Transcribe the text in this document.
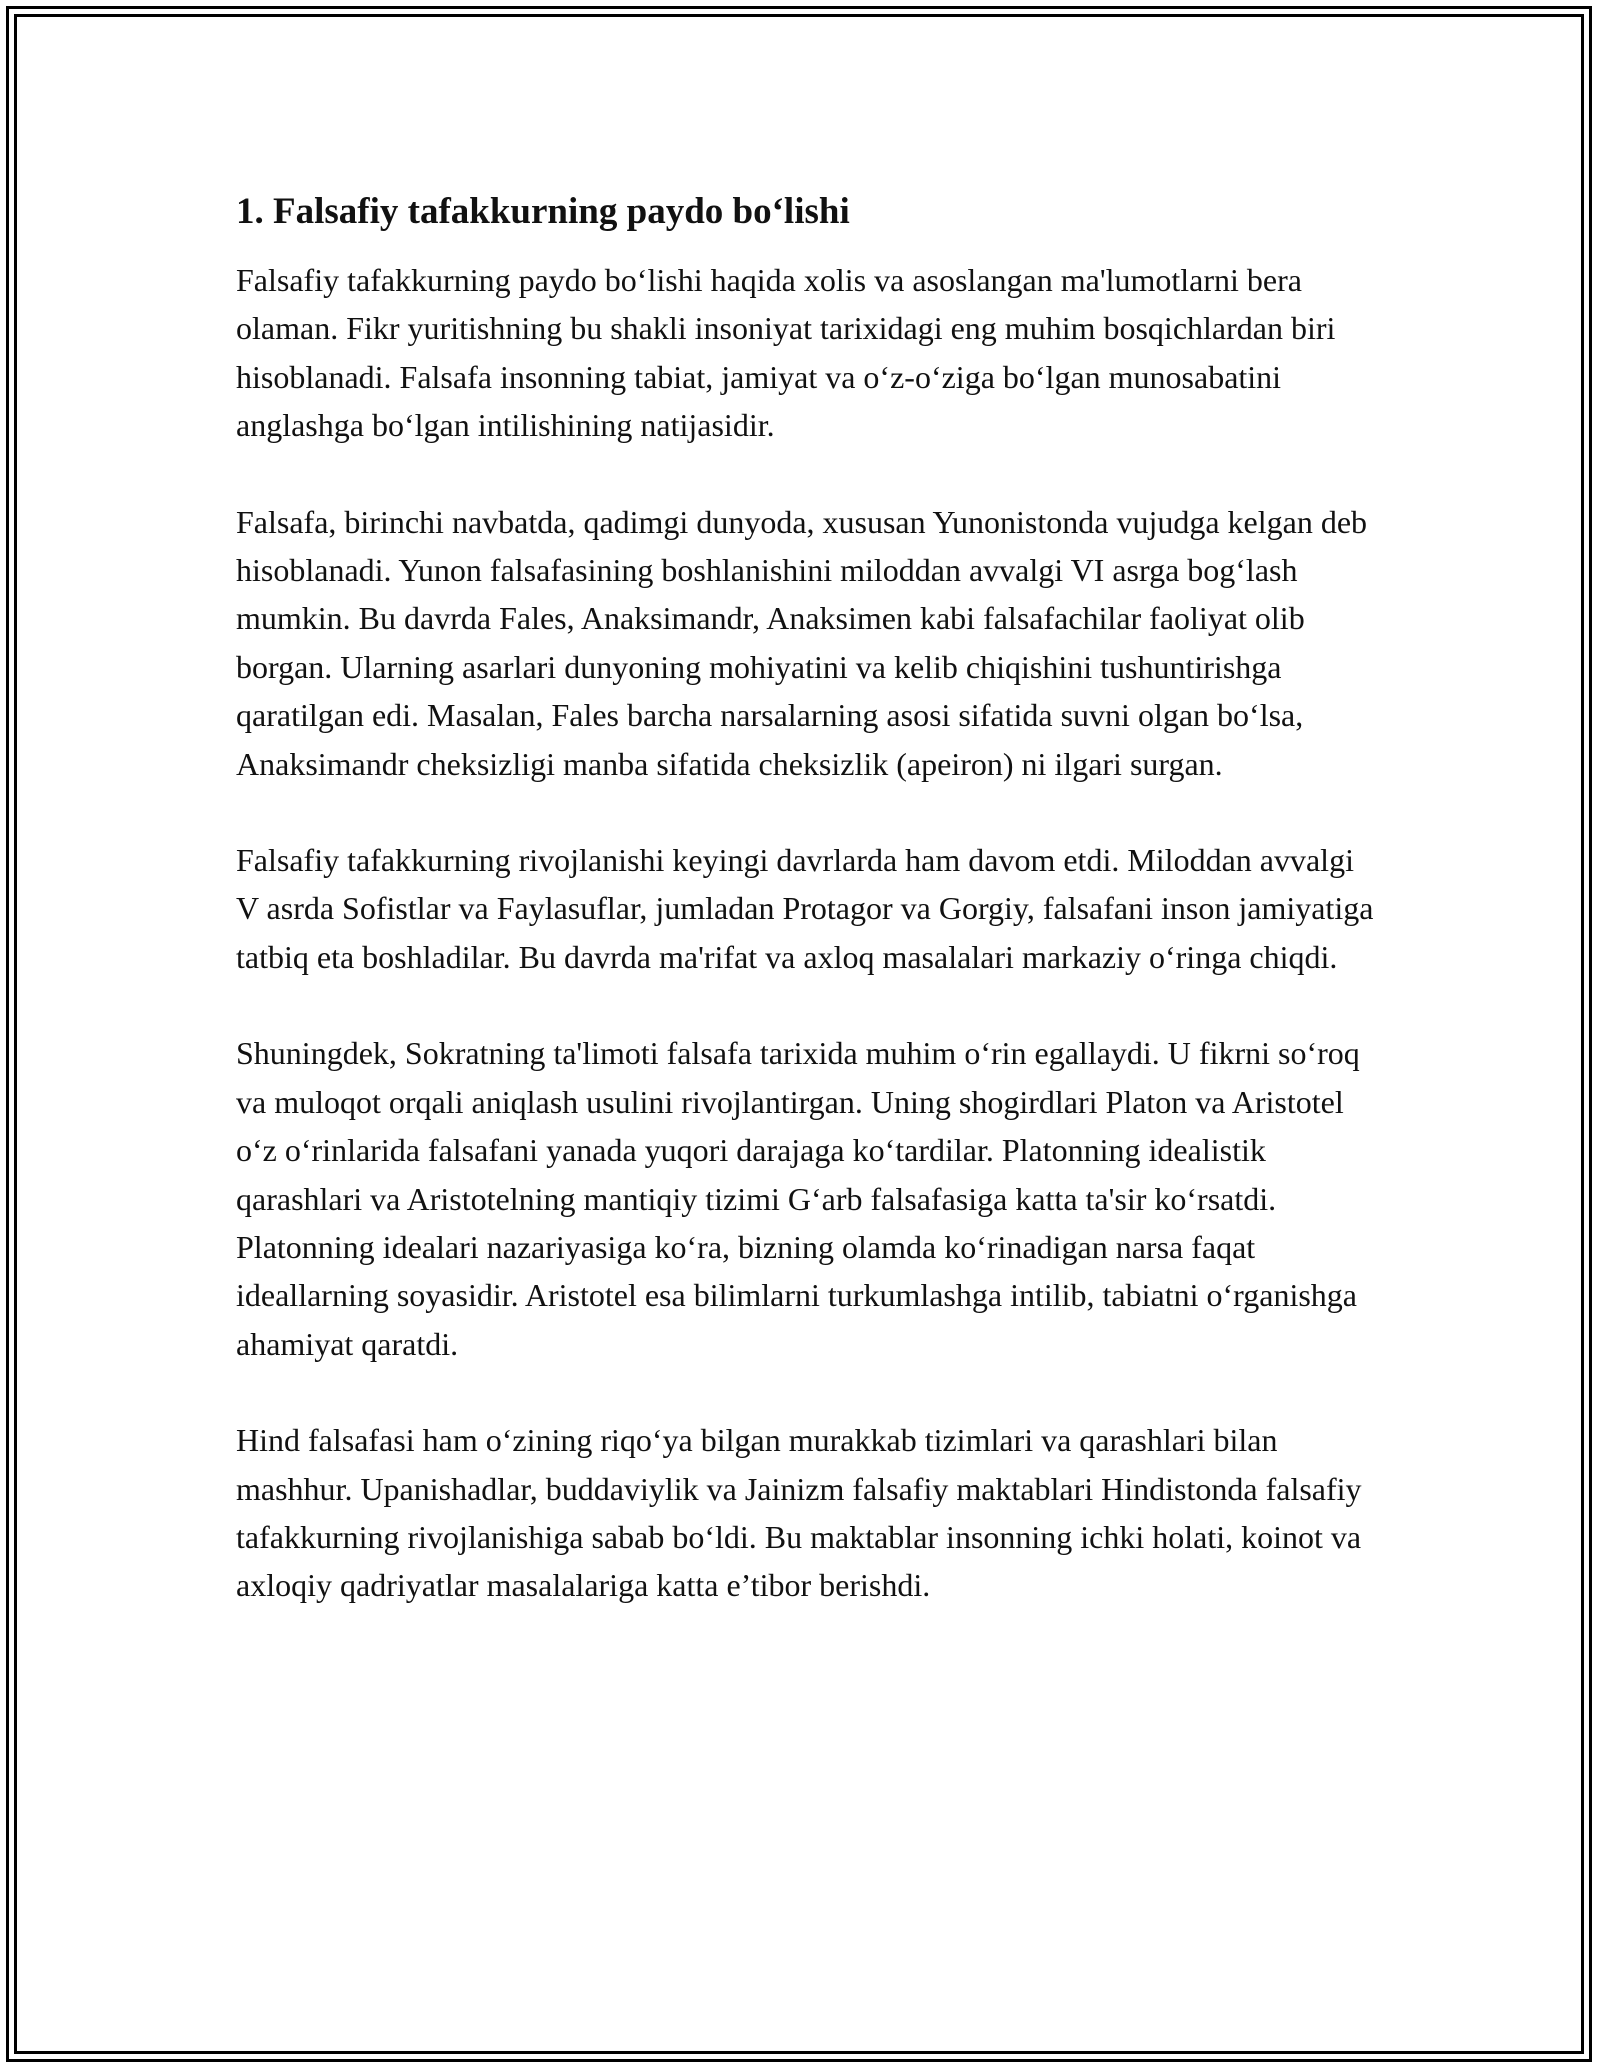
1. Falsafiy tafakkurning paydo bo‘lishi

Falsafiy tafakkurning paydo bo‘lishi haqida xolis va asoslangan ma'lumotlarni bera olaman. Fikr yuritishning bu shakli insoniyat tarixidagi eng muhim bosqichlardan biri hisoblanadi. Falsafa insonning tabiat, jamiyat va o‘z-o‘ziga bo‘lgan munosabatini anglashga bo‘lgan intilishining natijasidir.

Falsafa, birinchi navbatda, qadimgi dunyoda, xususan Yunonistonda vujudga kelgan deb hisoblanadi. Yunon falsafasining boshlanishini miloddan avvalgi VI asrga bog‘lash mumkin. Bu davrda Fales, Anaksimandr, Anaksimen kabi falsafachilar faoliyat olib borgan. Ularning asarlari dunyoning mohiyatini va kelib chiqishini tushuntirishga qaratilgan edi. Masalan, Fales barcha narsalarning asosi sifatida suvni olgan bo‘lsa, Anaksimandr cheksizligi manba sifatida cheksizlik (apeiron) ni ilgari surgan.

Falsafiy tafakkurning rivojlanishi keyingi davrlarda ham davom etdi. Miloddan avvalgi V asrda Sofistlar va Faylasuflar, jumladan Protagor va Gorgiy, falsafani inson jamiyatiga tatbiq eta boshladilar. Bu davrda ma'rifat va axloq masalalari markaziy o‘ringa chiqdi.

Shuningdek, Sokratning ta'limoti falsafa tarixida muhim o‘rin egallaydi. U fikrni so‘roq va muloqot orqali aniqlash usulini rivojlantirgan. Uning shogirdlari Platon va Aristotel o‘z o‘rinlarida falsafani yanada yuqori darajaga ko‘tardilar. Platonning idealistik qarashlari va Aristotelning mantiqiy tizimi G‘arb falsafasiga katta ta'sir ko‘rsatdi. Platonning idealari nazariyasiga ko‘ra, bizning olamda ko‘rinadigan narsa faqat ideallarning soyasidir. Aristotel esa bilimlarni turkumlashga intilib, tabiatni o‘rganishga ahamiyat qaratdi.

Hind falsafasi ham o‘zining riqo‘ya bilgan murakkab tizimlari va qarashlari bilan mashhur. Upanishadlar, buddaviylik va Jainizm falsafiy maktablari Hindistonda falsafiy tafakkurning rivojlanishiga sabab bo‘ldi. Bu maktablar insonning ichki holati, koinot va axloqiy qadriyatlar masalalariga katta e’tibor berishdi.
